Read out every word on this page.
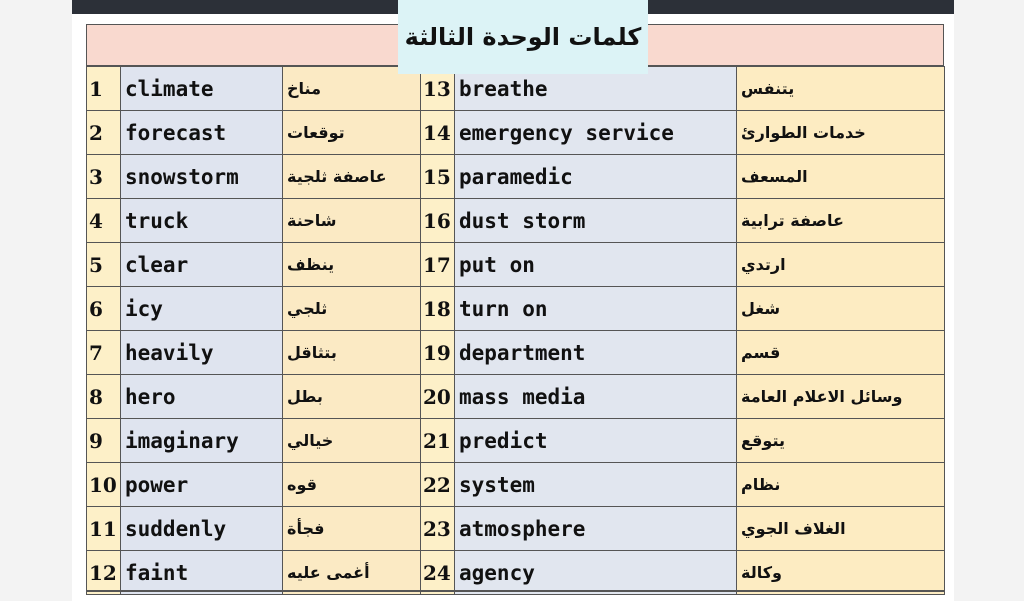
كلمات الوحدة الثالثة
1	climate	مناخ	13	breathe	يتنفس
2	forecast	توقعات	14	emergency service	خدمات الطوارئ
3	snowstorm	عاصفة ثلجية	15	paramedic	المسعف
4	truck	شاحنة	16	dust storm	عاصفة ترابية
5	clear	ينظف	17	put on	ارتدي
6	icy	ثلجي	18	turn on	شغل
7	heavily	بتثاقل	19	department	قسم
8	hero	بطل	20	mass media	وسائل الاعلام العامة
9	imaginary	خيالي	21	predict	يتوقع
10	power	قوه	22	system	نظام
11	suddenly	فجأة	23	atmosphere	الغلاف الجوي
12	faint	أغمى عليه	24	agency	وكالة
